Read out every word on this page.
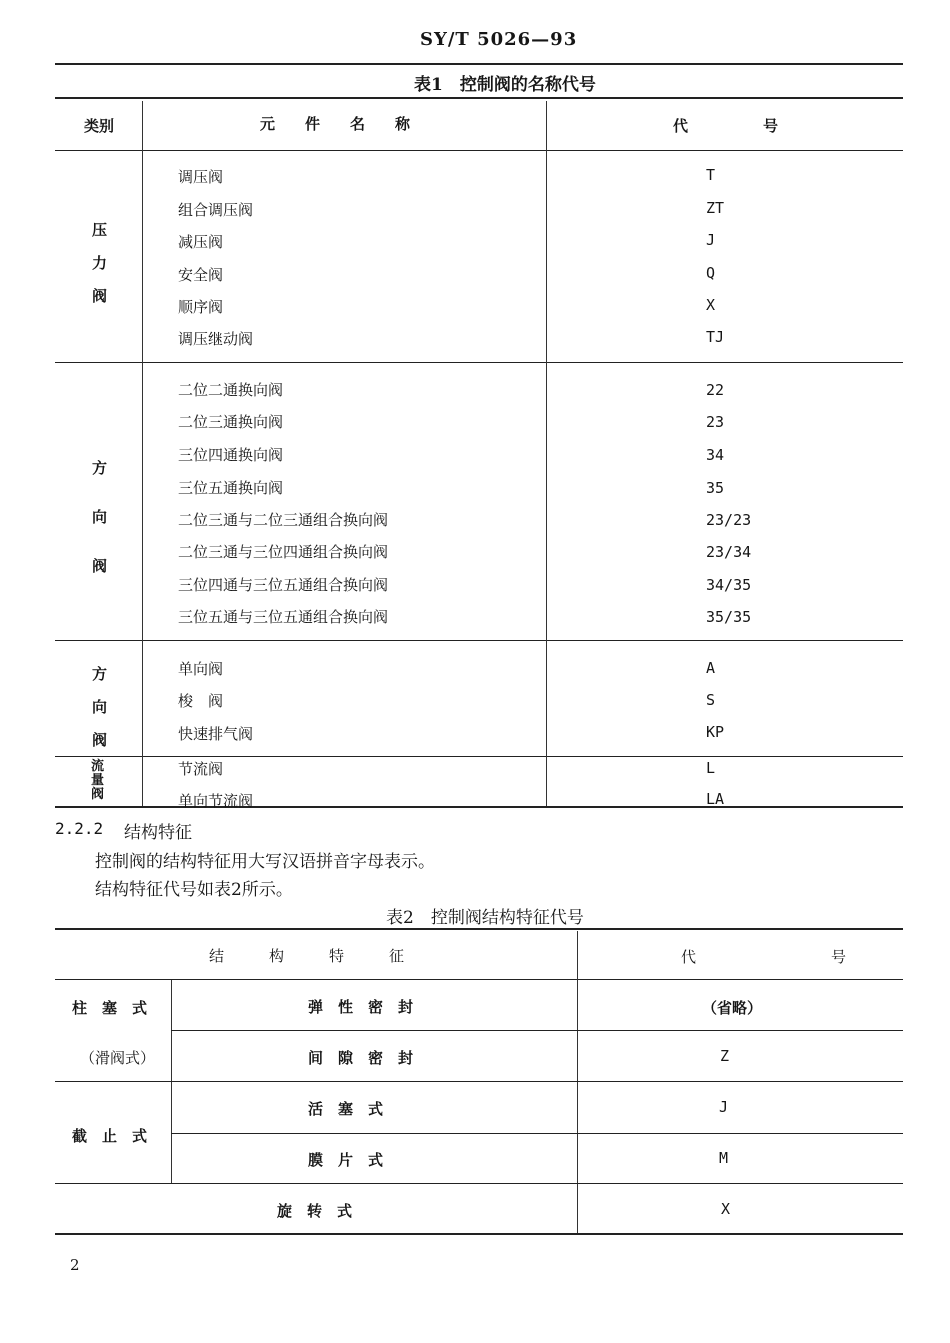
SY/T 5026—93
表1　控制阀的名称代号
类别	元　　件　　名　　称	代　　　　　号
压
力
阀
调压阀	T
组合调压阀	ZT
减压阀	J
安全阀	Q
顺序阀	X
调压继动阀	TJ
方
向
阀
二位二通换向阀	22
二位三通换向阀	23
三位四通换向阀	34
三位五通换向阀	35
二位三通与二位三通组合换向阀	23/23
二位三通与三位四通组合换向阀	23/34
三位四通与三位五通组合换向阀	34/35
三位五通与三位五通组合换向阀	35/35
方
向
阀
单向阀	A
梭　阀	S
快速排气阀	KP
流
量
阀
节流阀	L
单向节流阀	LA
2.2.2 结构特征
控制阀的结构特征用大写汉语拼音字母表示。
结构特征代号如表2所示。
表2　控制阀结构特征代号
结　　　构　　　特　　　征	代　　　　　　　　　号
柱　塞　式
（滑阀式）
弹　性　密　封	（省略）
间　隙　密　封	Z
截　止　式
活　塞　式	J
膜　片　式	M
旋　转　式	X
2
